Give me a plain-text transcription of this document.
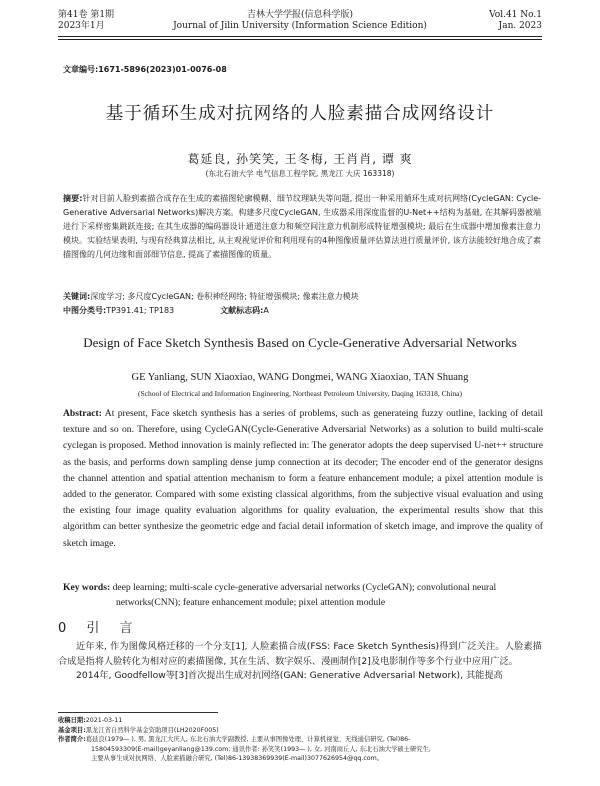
第41卷 第1期
2023年1月
吉林大学学报(信息科学版)
Journal of Jilin University (Information Science Edition)
Vol.41 No.1
Jan. 2023
文章编号:1671-5896(2023)01-0076-08
基于循环生成对抗网络的人脸素描合成网络设计
葛延良, 孙笑笑, 王冬梅, 王肖肖, 谭 爽
(东北石油大学 电气信息工程学院, 黑龙江 大庆 163318)
摘要:针对目前人脸到素描合成存在生成的素描图轮廓模糊、细节纹理缺失等问题, 提出一种采用循环生成对抗网络(CycleGAN: Cycle-Generative Adversarial Networks)解决方案。构建多尺度CycleGAN, 生成器采用深度监督的U-Net++结构为基础, 在其解码器被端进行下采样密集跳跃连接; 在其生成器的编码器设计通道注意力和频空间注意力机制形成特征增强模块; 最后在生成器中增加像素注意力模块。实验结果表明, 与现有经典算法相比, 从主观视觉评价和利用现有的4种图像质量评估算法进行质量评价, 该方法能较好地合成了素描图像的几何边缘和面部细节信息, 提高了素描图像的质量。
关键词:深度学习; 多尺度CycleGAN; 卷积神经网络; 特征增强模块; 像素注意力模块
中图分类号:TP391.41; TP183	文献标志码:A
Design of Face Sketch Synthesis Based on Cycle-Generative Adversarial Networks
GE Yanliang, SUN Xiaoxiao, WANG Dongmei, WANG Xiaoxiao, TAN Shuang
(School of Electrical and Information Engineering, Northeast Petroleum University, Daqing 163318, China)
Abstract: At present, Face sketch synthesis has a series of problems, such as generateing fuzzy outline, lacking of detail texture and so on. Therefore, using CycleGAN(Cycle-Generative Adversarial Networks) as a solution to build multi-scale cyclegan is proposed. Method innovation is mainly reflected in: The generator adopts the deep supervised U-net++ structure as the basis, and performs down sampling dense jump connection at its decoder; The encoder end of the generator designs the channel attention and spatial attention mechanism to form a feature enhancement module; a pixel attention module is added to the generator. Compared with some existing classical algorithms, from the subjective visual evaluation and using the existing four image quality evaluation algorithms for quality evaluation, the experimental results show that this algorithm can better synthesize the geometric edge and facial detail information of sketch image, and improve the quality of sketch image.
Key words: deep learning; multi-scale cycle-generative adversarial networks (CycleGAN); convolutional neural
networks(CNN); feature enhancement module; pixel attention module
0 引 言

近年来, 作为图像风格迁移的一个分支[1], 人脸素描合成(FSS: Face Sketch Synthesis)得到广泛关注。人脸素描合成是指将人脸转化为相对应的素描图像, 其在生活、数字娱乐、漫画制作[2]及电影制作等多个行业中应用广泛。

2014年, Goodfellow等[3]首次提出生成对抗网络(GAN: Generative Adversarial Network), 其能提高

收稿日期:2021-03-11
基金项目:黑龙江省自然科学基金资助项目(LH2020F005)
作者简介:葛延良(1979— ), 男, 黑龙江大庆人, 东北石油大学副教授, 主要从事图像处理、计算机视觉、无线通信研究, (Tel)86-
15804593309(E-mail)geyanliang@139.com; 通讯作者: 孙笑笑(1993— ), 女, 河南商丘人, 东北石油大学硕士研究生,
主要从事生成对抗网络、人脸素描融合研究, (Tel)86-13938369939(E-mail)3077626954@qq.com。
